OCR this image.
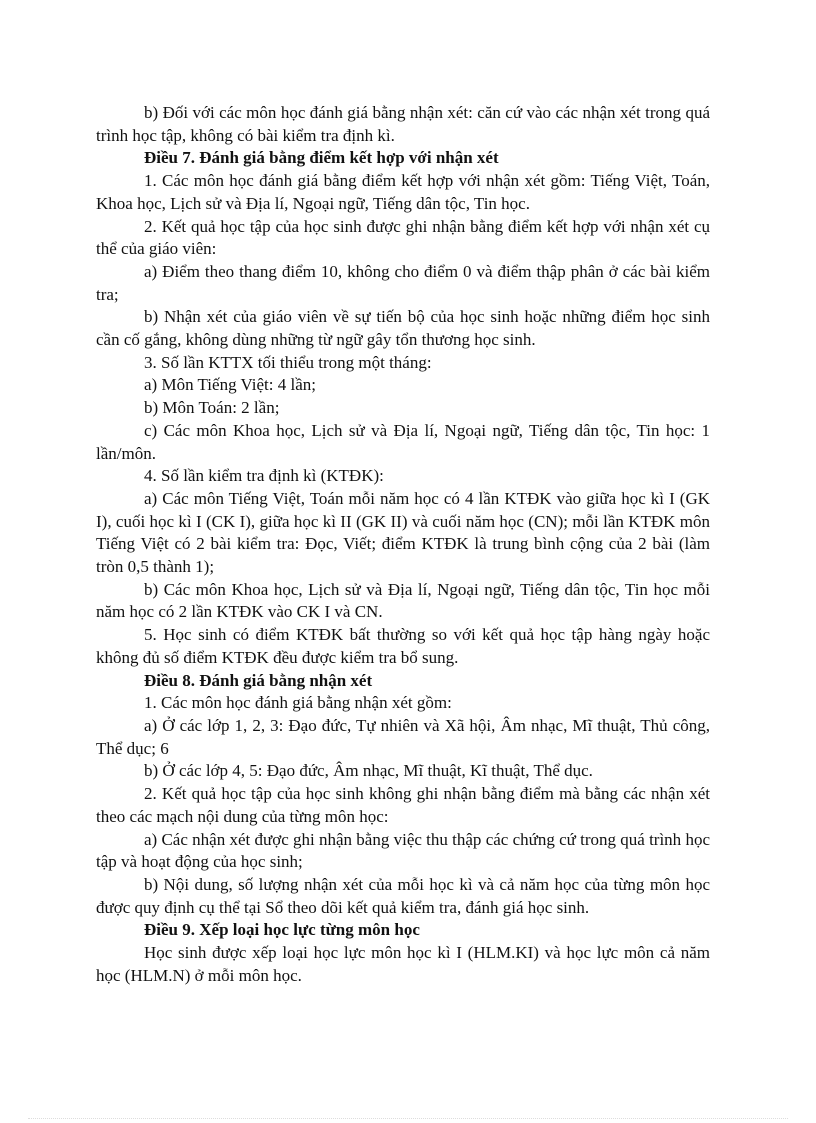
b) Đối với các môn học đánh giá bằng nhận xét: căn cứ vào các nhận xét trong quá trình học tập, không có bài kiểm tra định kì.

Điều 7. Đánh giá bằng điểm kết hợp với nhận xét

1. Các môn học đánh giá bằng điểm kết hợp với nhận xét gồm: Tiếng Việt, Toán, Khoa học, Lịch sử và Địa lí, Ngoại ngữ, Tiếng dân tộc, Tin học.

2. Kết quả học tập của học sinh được ghi nhận bằng điểm kết hợp với nhận xét cụ thể của giáo viên:

a) Điểm theo thang điểm 10, không cho điểm 0 và điểm thập phân ở các bài kiểm tra;

b) Nhận xét của giáo viên về sự tiến bộ của học sinh hoặc những điểm học sinh cần cố gắng, không dùng những từ ngữ gây tổn thương học sinh.

3. Số lần KTTX tối thiểu trong một tháng:

a) Môn Tiếng Việt: 4 lần;

b) Môn Toán: 2 lần;

c) Các môn Khoa học, Lịch sử và Địa lí, Ngoại ngữ, Tiếng dân tộc, Tin học: 1 lần/môn.

4. Số lần kiểm tra định kì (KTĐK):

a) Các môn Tiếng Việt, Toán mỗi năm học có 4 lần KTĐK vào giữa học kì I (GK I), cuối học kì I (CK I), giữa học kì II (GK II) và cuối năm học (CN); mỗi lần KTĐK môn Tiếng Việt có 2 bài kiểm tra: Đọc, Viết; điểm KTĐK là trung bình cộng của 2 bài (làm tròn 0,5 thành 1);

b) Các môn Khoa học, Lịch sử và Địa lí, Ngoại ngữ, Tiếng dân tộc, Tin học mỗi năm học có 2 lần KTĐK vào CK I và CN.

5. Học sinh có điểm KTĐK bất thường so với kết quả học tập hàng ngày hoặc không đủ số điểm KTĐK đều được kiểm tra bổ sung.

Điều 8. Đánh giá bằng nhận xét

1. Các môn học đánh giá bằng nhận xét gồm:

a) Ở các lớp 1, 2, 3: Đạo đức, Tự nhiên và Xã hội, Âm nhạc, Mĩ thuật, Thủ công, Thể dục; 6

b) Ở các lớp 4, 5: Đạo đức, Âm nhạc, Mĩ thuật, Kĩ thuật, Thể dục.

2. Kết quả học tập của học sinh không ghi nhận bằng điểm mà bằng các nhận xét theo các mạch nội dung của từng môn học:

a) Các nhận xét được ghi nhận bằng việc thu thập các chứng cứ trong quá trình học tập và hoạt động của học sinh;

b) Nội dung, số lượng nhận xét của mỗi học kì và cả năm học của từng môn học được quy định cụ thể tại Sổ theo dõi kết quả kiểm tra, đánh giá học sinh.

Điều 9. Xếp loại học lực từng môn học

Học sinh được xếp loại học lực môn học kì I (HLM.KI) và học lực môn cả năm học (HLM.N) ở mỗi môn học.
